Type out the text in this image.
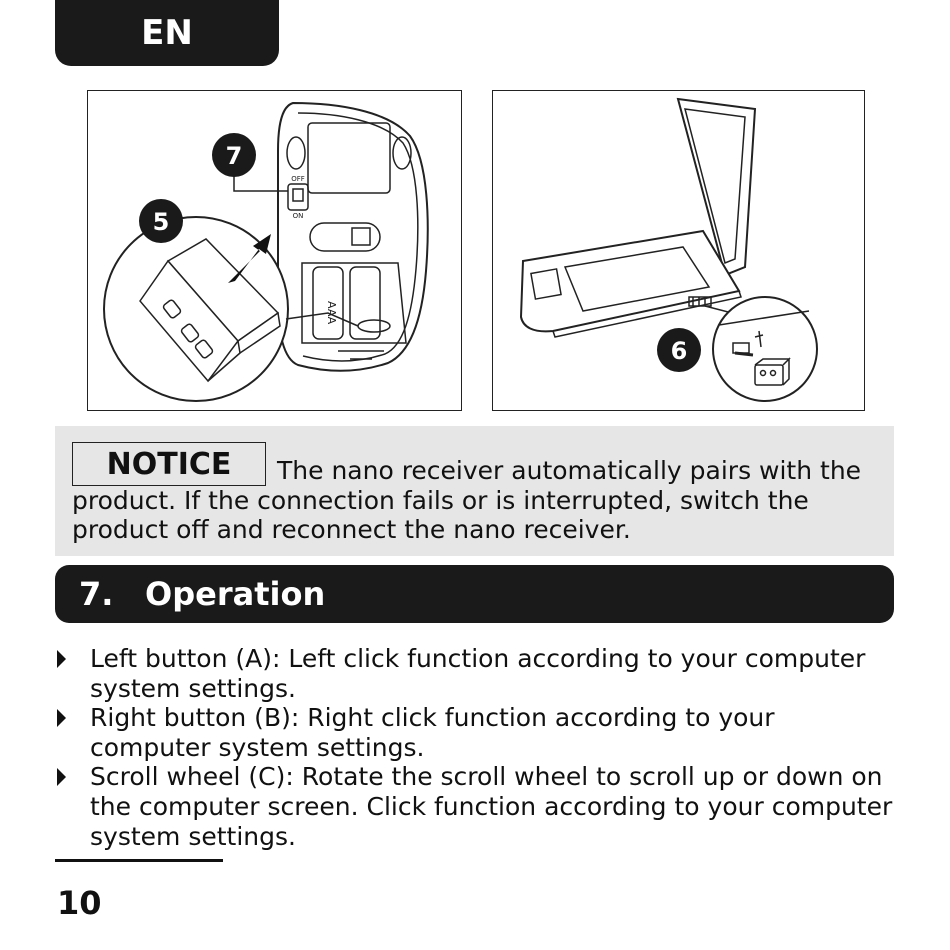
EN
7
5
OFF
ON
AAA
6
NOTICE	The nano receiver automatically pairs with the
product. If the connection fails or is interrupted, switch the
product off and reconnect the nano receiver.
7. Operation
Left button (A): Left click function according to your computer
system settings.
Right button (B): Right click function according to your
computer system settings.
Scroll wheel (C): Rotate the scroll wheel to scroll up or down on
the computer screen. Click function according to your computer
system settings.
10
